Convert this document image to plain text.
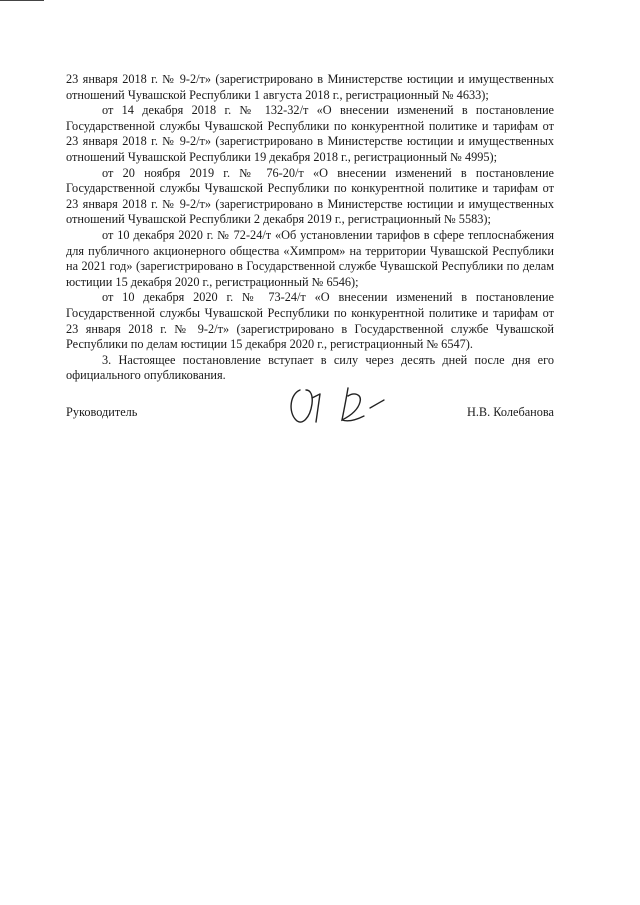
23 января 2018 г. № 9-2/т» (зарегистрировано в Министерстве юстиции и имущественных отношений Чувашской Республики 1 августа 2018 г., регистрационный № 4633);

от 14 декабря 2018 г. № 132-32/т «О внесении изменений в постановление Государственной службы Чувашской Республики по конкурентной политике и тарифам от 23 января 2018 г. № 9-2/т» (зарегистрировано в Министерстве юстиции и имущественных отношений Чувашской Республики 19 декабря 2018 г., регистрационный № 4995);

от 20 ноября 2019 г. № 76-20/т «О внесении изменений в постановление Государственной службы Чувашской Республики по конкурентной политике и тарифам от 23 января 2018 г. № 9-2/т» (зарегистрировано в Министерстве юстиции и имущественных отношений Чувашской Республики 2 декабря 2019 г., регистрационный № 5583);

от 10 декабря 2020 г. № 72-24/т «Об установлении тарифов в сфере теплоснабжения для публичного акционерного общества «Химпром» на территории Чувашской Республики на 2021 год» (зарегистрировано в Государственной службе Чувашской Республики по делам юстиции 15 декабря 2020 г., регистрационный № 6546);

от 10 декабря 2020 г. № 73-24/т «О внесении изменений в постановление Государственной службы Чувашской Республики по конкурентной политике и тарифам от 23 января 2018 г. № 9-2/т» (зарегистрировано в Государственной службе Чувашской Республики по делам юстиции 15 декабря 2020 г., регистрационный № 6547).

3. Настоящее постановление вступает в силу через десять дней после дня его официального опубликования.

Руководитель	Н.В. Колебанова
